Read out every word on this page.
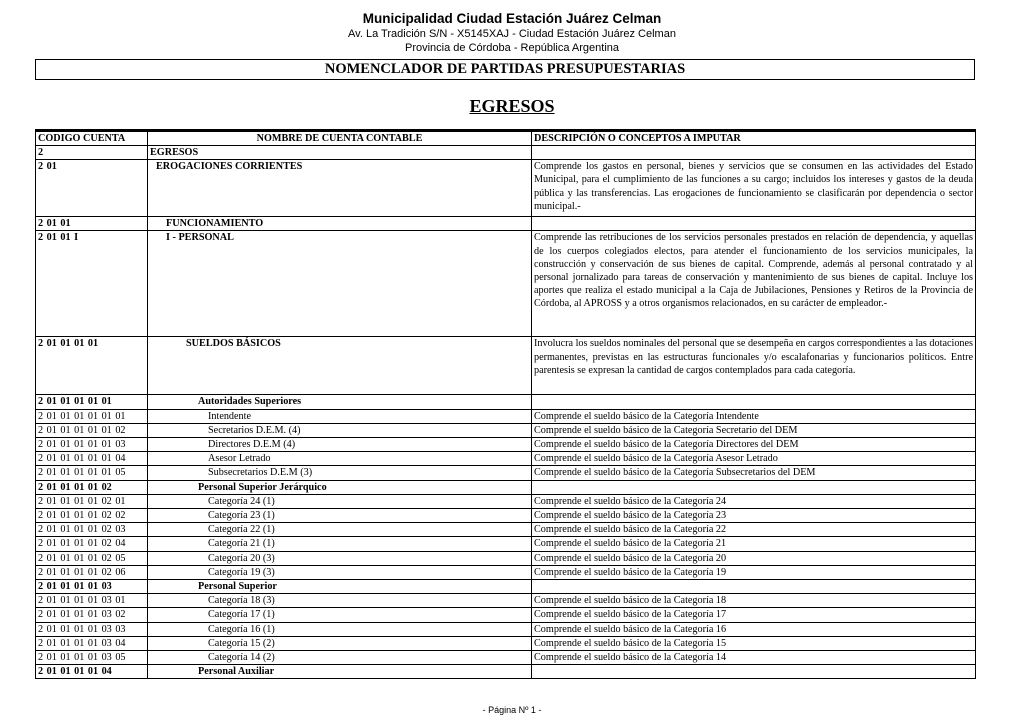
Municipalidad Ciudad Estación Juárez Celman
Av. La Tradición S/N - X5145XAJ - Ciudad Estación Juárez Celman
Provincia de Córdoba - República Argentina
NOMENCLADOR DE PARTIDAS PRESUPUESTARIAS
EGRESOS
CODIGO CUENTA	NOMBRE DE CUENTA CONTABLE	DESCRIPCIÓN O CONCEPTOS A IMPUTAR
2	EGRESOS	
2 01	EROGACIONES CORRIENTES	Comprende los gastos en personal, bienes y servicios que se consumen en las actividades del Estado Municipal, para el cumplimiento de las funciones a su cargo; incluidos los intereses y gastos de la deuda pública y las transferencias. Las erogaciones de funcionamiento se clasificarán por dependencia o sector municipal.-
2 01 01	FUNCIONAMIENTO	
2 01 01 I	I - PERSONAL	Comprende las retribuciones de los servicios personales prestados en relación de dependencia, y aquellas de los cuerpos colegiados electos, para atender el funcionamiento de los servicios municipales, la construcción y conservación de sus bienes de capital. Comprende, además al personal contratado y al personal jornalizado para tareas de conservación y mantenimiento de sus bienes de capital. Incluye los aportes que realiza el estado municipal a la Caja de Jubilaciones, Pensiones y Retiros de la Provincia de Córdoba, al APROSS y a otros organismos relacionados, en su carácter de empleador.-
2 01 01 01 01	SUELDOS BÁSICOS	Involucra los sueldos nominales del personal que se desempeña en cargos correspondientes a las dotaciones permanentes, previstas en las estructuras funcionales y/o escalafonarias y funcionarios políticos. Entre parentesis se expresan la cantidad de cargos contemplados para cada categoría.
2 01 01 01 01 01	Autoridades Superiores	
2 01 01 01 01 01 01	Intendente	Comprende el sueldo básico de la Categoría Intendente
2 01 01 01 01 01 02	Secretarios D.E.M. (4)	Comprende el sueldo básico de la Categoría Secretario del DEM
2 01 01 01 01 01 03	Directores D.E.M (4)	Comprende el sueldo básico de la Categoría Directores del DEM
2 01 01 01 01 01 04	Asesor Letrado	Comprende el sueldo básico de la Categoría Asesor Letrado
2 01 01 01 01 01 05	Subsecretarios D.E.M (3)	Comprende el sueldo básico de la Categoría Subsecretarios del DEM
2 01 01 01 01 02	Personal Superior Jerárquico	
2 01 01 01 01 02 01	Categoría 24 (1)	Comprende el sueldo básico de la Categoría 24
2 01 01 01 01 02 02	Categoría 23 (1)	Comprende el sueldo básico de la Categoría 23
2 01 01 01 01 02 03	Categoría 22 (1)	Comprende el sueldo básico de la Categoría 22
2 01 01 01 01 02 04	Categoría 21 (1)	Comprende el sueldo básico de la Categoría 21
2 01 01 01 01 02 05	Categoría 20 (3)	Comprende el sueldo básico de la Categoría 20
2 01 01 01 01 02 06	Categoría 19 (3)	Comprende el sueldo básico de la Categoría 19
2 01 01 01 01 03	Personal Superior	
2 01 01 01 01 03 01	Categoría 18 (3)	Comprende el sueldo básico de la Categoría 18
2 01 01 01 01 03 02	Categoría 17 (1)	Comprende el sueldo básico de la Categoría 17
2 01 01 01 01 03 03	Categoría 16 (1)	Comprende el sueldo básico de la Categoría 16
2 01 01 01 01 03 04	Categoría 15 (2)	Comprende el sueldo básico de la Categoría 15
2 01 01 01 01 03 05	Categoría 14 (2)	Comprende el sueldo básico de la Categoría 14
2 01 01 01 01 04	Personal Auxiliar	
- Página Nº 1 -
